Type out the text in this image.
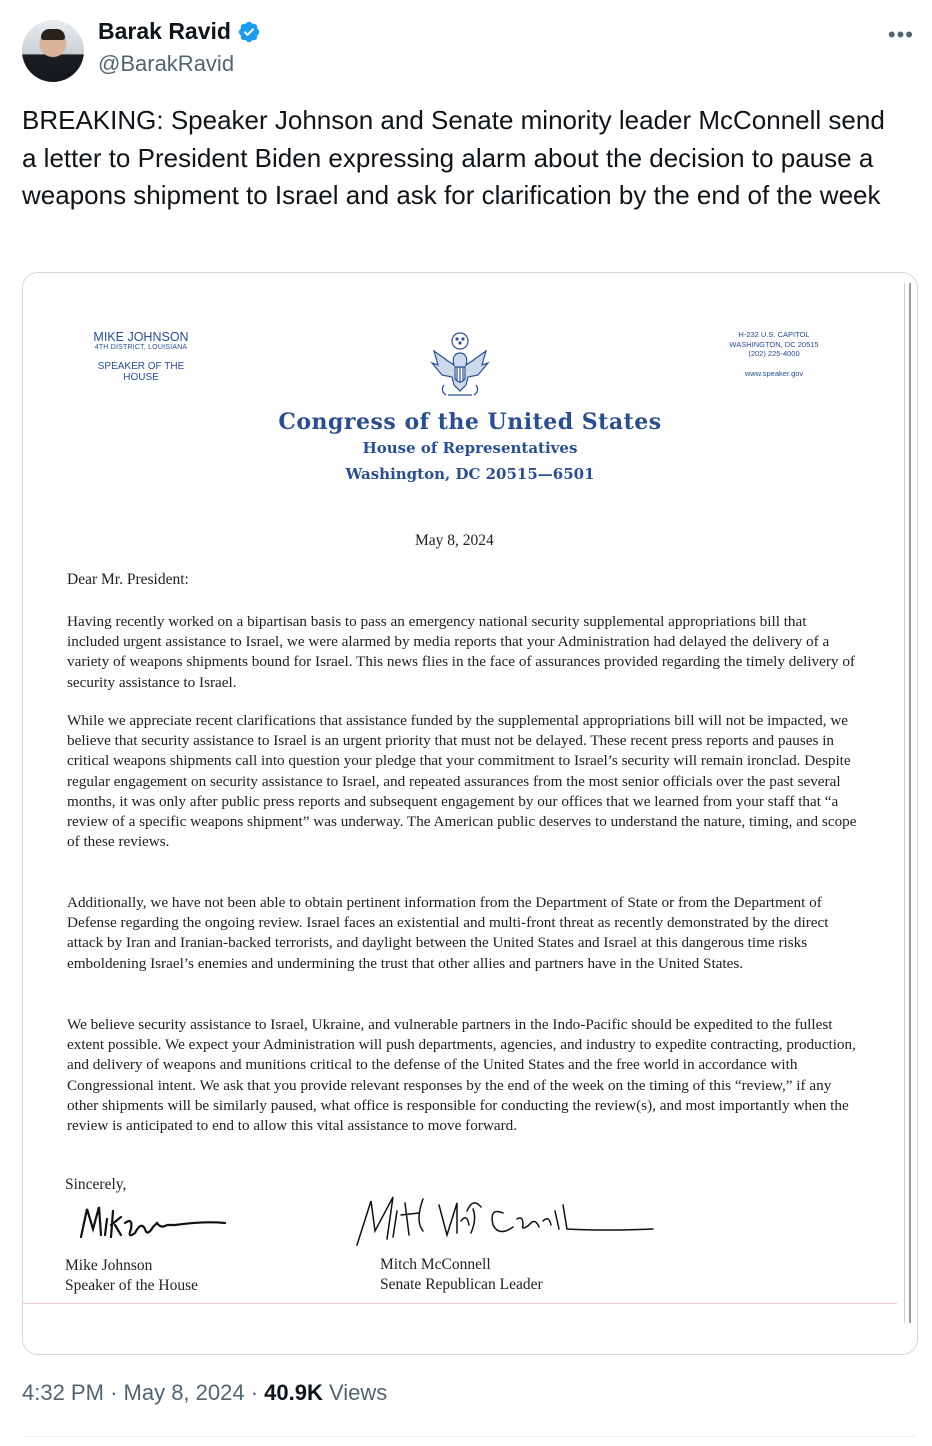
Barak Ravid
@BarakRavid
•••
BREAKING: Speaker Johnson and Senate minority leader McConnell send a letter to President Biden expressing alarm about the decision to pause a weapons shipment to Israel and ask for clarification by the end of the week
MIKE JOHNSON
4TH DISTRICT, LOUISIANA
SPEAKER OF THE HOUSE
H-232 U.S. CAPITOL
WASHINGTON, DC 20515
(202) 225-4000
www.speaker.gov
Congress of the United States
House of Representatives
Washington, DC 20515—6501
May 8, 2024
Dear Mr. President:

Having recently worked on a bipartisan basis to pass an emergency national security supplemental appropriations bill that included urgent assistance to Israel, we were alarmed by media reports that your Administration had delayed the delivery of a variety of weapons shipments bound for Israel. This news flies in the face of assurances provided regarding the timely delivery of security assistance to Israel.

While we appreciate recent clarifications that assistance funded by the supplemental appropriations bill will not be impacted, we believe that security assistance to Israel is an urgent priority that must not be delayed. These recent press reports and pauses in critical weapons shipments call into question your pledge that your commitment to Israel’s security will remain ironclad. Despite regular engagement on security assistance to Israel, and repeated assurances from the most senior officials over the past several months, it was only after public press reports and subsequent engagement by our offices that we learned from your staff that “a review of a specific weapons shipment” was underway. The American public deserves to understand the nature, timing, and scope of these reviews.

Additionally, we have not been able to obtain pertinent information from the Department of State or from the Department of Defense regarding the ongoing review. Israel faces an existential and multi-front threat as recently demonstrated by the direct attack by Iran and Iranian-backed terrorists, and daylight between the United States and Israel at this dangerous time risks emboldening Israel’s enemies and undermining the trust that other allies and partners have in the United States.

We believe security assistance to Israel, Ukraine, and vulnerable partners in the Indo-Pacific should be expedited to the fullest extent possible. We expect your Administration will push departments, agencies, and industry to expedite contracting, production, and delivery of weapons and munitions critical to the defense of the United States and the free world in accordance with Congressional intent. We ask that you provide relevant responses by the end of the week on the timing of this “review,” if any other shipments will be similarly paused, what office is responsible for conducting the review(s), and most importantly when the review is anticipated to end to allow this vital assistance to move forward.

Sincerely,
Mike Johnson
Speaker of the House
Mitch McConnell
Senate Republican Leader
4:32 PM · May 8, 2024 · 40.9K Views
